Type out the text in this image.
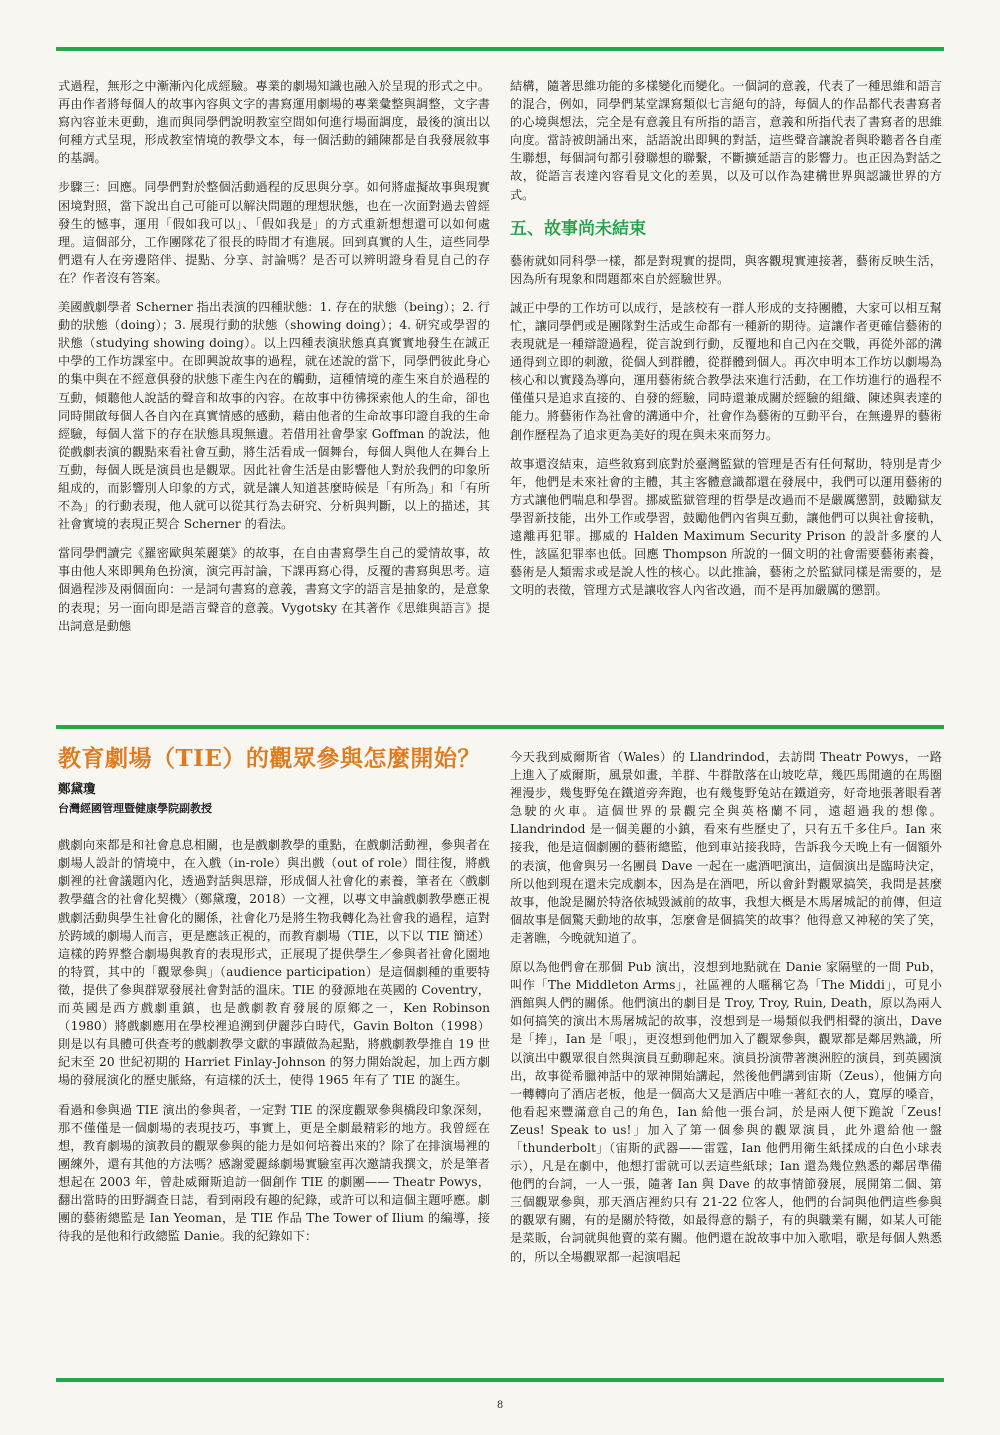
式過程，無形之中漸漸內化成經驗。專業的劇場知識也融入於呈現的形式之中。再由作者將每個人的故事內容與文字的書寫運用劇場的專業彙整與調整，文字書寫內容並未更動，進而與同學們說明教室空間如何進行場面調度，最後的演出以何種方式呈現，形成教室情境的教學文本，每一個活動的鋪陳都是自我發展敘事的基調。

步驟三：回應。同學們對於整個活動過程的反思與分享。如何將虛擬故事與現實困境對照，當下說出自己可能可以解決問題的理想狀態，也在一次面對過去曾經發生的憾事，運用「假如我可以」、「假如我是」的方式重新想想還可以如何處理。這個部分，工作團隊花了很長的時間才有進展。回到真實的人生，這些同學們還有人在旁邊陪伴、提點、分享、討論嗎？是否可以辨明證身看見自己的存在？作者沒有答案。

美國戲劇學者 Scherner 指出表演的四種狀態：1. 存在的狀態（being）；2. 行動的狀態（doing）；3. 展現行動的狀態（showing doing）；4. 研究或學習的狀態（studying showing doing）。以上四種表演狀態真真實實地發生在誠正中學的工作坊課室中。在即興說故事的過程，就在述說的當下，同學們彼此身心的集中與在不經意俱發的狀態下產生內在的觸動，這種情境的產生來自於過程的互動，傾聽他人說話的聲音和故事的內容。在故事中彷彿探索他人的生命，卻也同時開啟每個人各自內在真實情感的感動，藉由他者的生命故事印證自我的生命經驗，每個人當下的存在狀態具現無遺。若借用社會學家 Goffman 的說法，他從戲劇表演的觀點來看社會互動，將生活看成一個舞台，每個人與他人在舞台上互動，每個人既是演員也是觀眾。因此社會生活是由影響他人對於我們的印象所組成的，而影響別人印象的方式，就是讓人知道甚麼時候是「有所為」和「有所不為」的行動表現，他人就可以從其行為去研究、分析與判斷，以上的描述，其社會實境的表現正契合 Scherner 的看法。

當同學們讀完《羅密歐與茱麗葉》的故事，在自由書寫學生自己的愛情故事，故事由他人來即興角色扮演，演完再討論，下課再寫心得，反覆的書寫與思考。這個過程涉及兩個面向：一是詞句書寫的意義，書寫文字的語言是抽象的，是意象的表現；另一面向即是語言聲音的意義。Vygotsky 在其著作《思維與語言》提出詞意是動態

結構，隨著思維功能的多樣變化而變化。一個詞的意義，代表了一種思維和語言的混合，例如，同學們某堂課寫類似七言絕句的詩，每個人的作品都代表書寫者的心境與想法，完全是有意義且有所指的語言，意義和所指代表了書寫者的思維向度。當詩被朗誦出來，話語說出即興的對話，這些聲音讓說者與聆聽者各自產生聯想，每個詞句都引發聯想的聯繫，不斷擴延語言的影響力。也正因為對話之故，從語言表達內容看見文化的差異，以及可以作為建構世界與認識世界的方式。

五、故事尚未結束

藝術就如同科學一樣，都是對現實的提問，與客觀現實連接著，藝術反映生活，因為所有現象和問題都來自於經驗世界。

誠正中學的工作坊可以成行，是該校有一群人形成的支持團體，大家可以相互幫忙，讓同學們或是團隊對生活或生命都有一種新的期待。這讓作者更確信藝術的表現就是一種辯證過程，從言說到行動，反覆地和自己內在交戰，再從外部的溝通得到立即的刺激，從個人到群體，從群體到個人。再次申明本工作坊以劇場為核心和以實踐為導向，運用藝術統合教學法來進行活動，在工作坊進行的過程不僅僅只是追求直接的、自發的經驗，同時還兼成關於經驗的組織、陳述與表達的能力。將藝術作為社會的溝通中介，社會作為藝術的互動平台，在無邊界的藝術創作歷程為了追求更為美好的現在與未來而努力。

故事還沒結束，這些敘寫到底對於臺灣監獄的管理是否有任何幫助，特別是青少年，他們是未來社會的主體，其主客體意識都還在發展中，我們可以運用藝術的方式讓他們喘息和學習。挪威監獄管理的哲學是改過而不是嚴厲懲罰，鼓勵獄友學習新技能，出外工作或學習，鼓勵他們內省與互動，讓他們可以與社會接軌，遠離再犯罪。挪威的 Halden Maximum Security Prison 的設計多麼的人性，該區犯罪率也低。回應 Thompson 所說的一個文明的社會需要藝術素養，藝術是人類需求或是說人性的核心。以此推論，藝術之於監獄同樣是需要的，是文明的表徵，管理方式是讓收容人內省改過，而不是再加嚴厲的懲罰。

教育劇場（TIE）的觀眾參與怎麼開始？
鄭黛瓊
台灣經國管理暨健康學院副教授

戲劇向來都是和社會息息相關，也是戲劇教學的重點，在戲劇活動裡，參與者在劇場人設計的情境中，在入戲（in-role）與出戲（out of role）間往復，將戲劇裡的社會議題內化，透過對話與思辯，形成個人社會化的素養，筆者在〈戲劇教學蘊含的社會化契機〉（鄭黛瓊，2018）一文裡，以專文申論戲劇教學應正視戲劇活動與學生社會化的關係，社會化乃是將生物我轉化為社會我的過程，這對於跨域的劇場人而言，更是應該正視的，而教育劇場（TIE，以下以 TIE 簡述）這樣的跨界整合劇場與教育的表現形式，正展現了提供學生／參與者社會化園地的特質，其中的「觀眾參與」（audience participation）是這個劇種的重要特徵，提供了參與群眾發展社會對話的溫床。TIE 的發源地在英國的 Coventry，而英國是西方戲劇重鎮，也是戲劇教育發展的原鄉之一，Ken Robinson（1980）將戲劇應用在學校裡追溯到伊麗莎白時代，Gavin Bolton（1998）則是以有具體可供查考的戲劇教學文獻的事蹟做為起點，將戲劇教學推自 19 世紀末至 20 世紀初期的 Harriet Finlay-Johnson 的努力開始說起，加上西方劇場的發展演化的歷史脈絡，有這樣的沃土，使得 1965 年有了 TIE 的誕生。

看過和參與過 TIE 演出的參與者，一定對 TIE 的深度觀眾參與橋段印象深刻，那不僅僅是一個劇場的表現技巧，事實上，更是全劇最精彩的地方。我曾經在想，教育劇場的演教員的觀眾參與的能力是如何培養出來的？除了在排演場裡的團練外，還有其他的方法嗎？感謝愛麗絲劇場實驗室再次邀請我撰文，於是筆者想起在 2003 年，曾赴威爾斯追訪一個創作 TIE 的劇團—— Theatr Powys，翻出當時的田野調查日誌，看到兩段有趣的紀錄，或許可以和這個主題呼應。劇團的藝術總監是 Ian Yeoman，是 TIE 作品 The Tower of Ilium 的編導，接待我的是他和行政總監 Danie。我的紀錄如下：

今天我到威爾斯省（Wales）的 Llandrindod，去訪問 Theatr Powys，一路上進入了威爾斯，風景如畫，羊群、牛群散落在山坡吃草，幾匹馬閒適的在馬圈裡漫步，幾隻野兔在鐵道旁奔跑，也有幾隻野兔站在鐵道旁，好奇地張著眼看著急駛的火車。這個世界的景觀完全與英格蘭不同，遠超過我的想像。Llandrindod 是一個美麗的小鎮，看來有些歷史了，只有五千多住戶。Ian 來接我，他是這個劇團的藝術總監，他到車站接我時，告訴我今天晚上有一個額外的表演，他會與另一名團員 Dave 一起在一處酒吧演出，這個演出是臨時決定，所以他到現在還未完成劇本，因為是在酒吧，所以會針對觀眾搞笑，我問是甚麼故事，他說是關於特洛依城毀滅前的故事，我想大概是木馬屠城記的前傳，但這個故事是個驚天動地的故事，怎麼會是個搞笑的故事？他得意又神秘的笑了笑，走著瞧，今晚就知道了。

原以為他們會在那個 Pub 演出，沒想到地點就在 Danie 家隔壁的一間 Pub，叫作「The Middleton Arms」，社區裡的人暱稱它為「The Middi」，可見小酒館與人們的關係。他們演出的劇目是 Troy, Troy, Ruin, Death，原以為兩人如何搞笑的演出木馬屠城記的故事，沒想到是一場類似我們相聲的演出，Dave 是「捧」，Ian 是「哏」，更沒想到他們加入了觀眾參與，觀眾都是鄰居熟識，所以演出中觀眾很自然與演員互動聊起來。演員扮演帶著澳洲腔的演員，到英國演出，故事從希臘神話中的眾神開始講起，然後他們講到宙斯（Zeus），他倆方向一轉轉向了酒店老板，他是一個高大又是酒店中唯一著紅衣的人，寬厚的嗓音，他看起來豐滿意自己的角色，Ian 給他一張台詞，於是兩人便下跪說「Zeus! Zeus! Speak to us!」加入了第一個參與的觀眾演員，此外還給他一盤「thunderbolt」（宙斯的武器——雷霆，Ian 他們用衛生紙揉成的白色小球表示），凡是在劇中，他想打雷就可以丟這些紙球；Ian 還為幾位熟悉的鄰居準備他們的台詞，一人一張，隨著 Ian 與 Dave 的故事情節發展，展開第二個、第三個觀眾參與，那天酒店裡約只有 21-22 位客人，他們的台詞與他們這些參與的觀眾有關，有的是關於特徵，如最得意的鬍子，有的與職業有關，如某人可能是菜販，台詞就與他賣的菜有關。他們還在說故事中加入歌唱，歌是每個人熟悉的，所以全場觀眾都一起演唱起

8
